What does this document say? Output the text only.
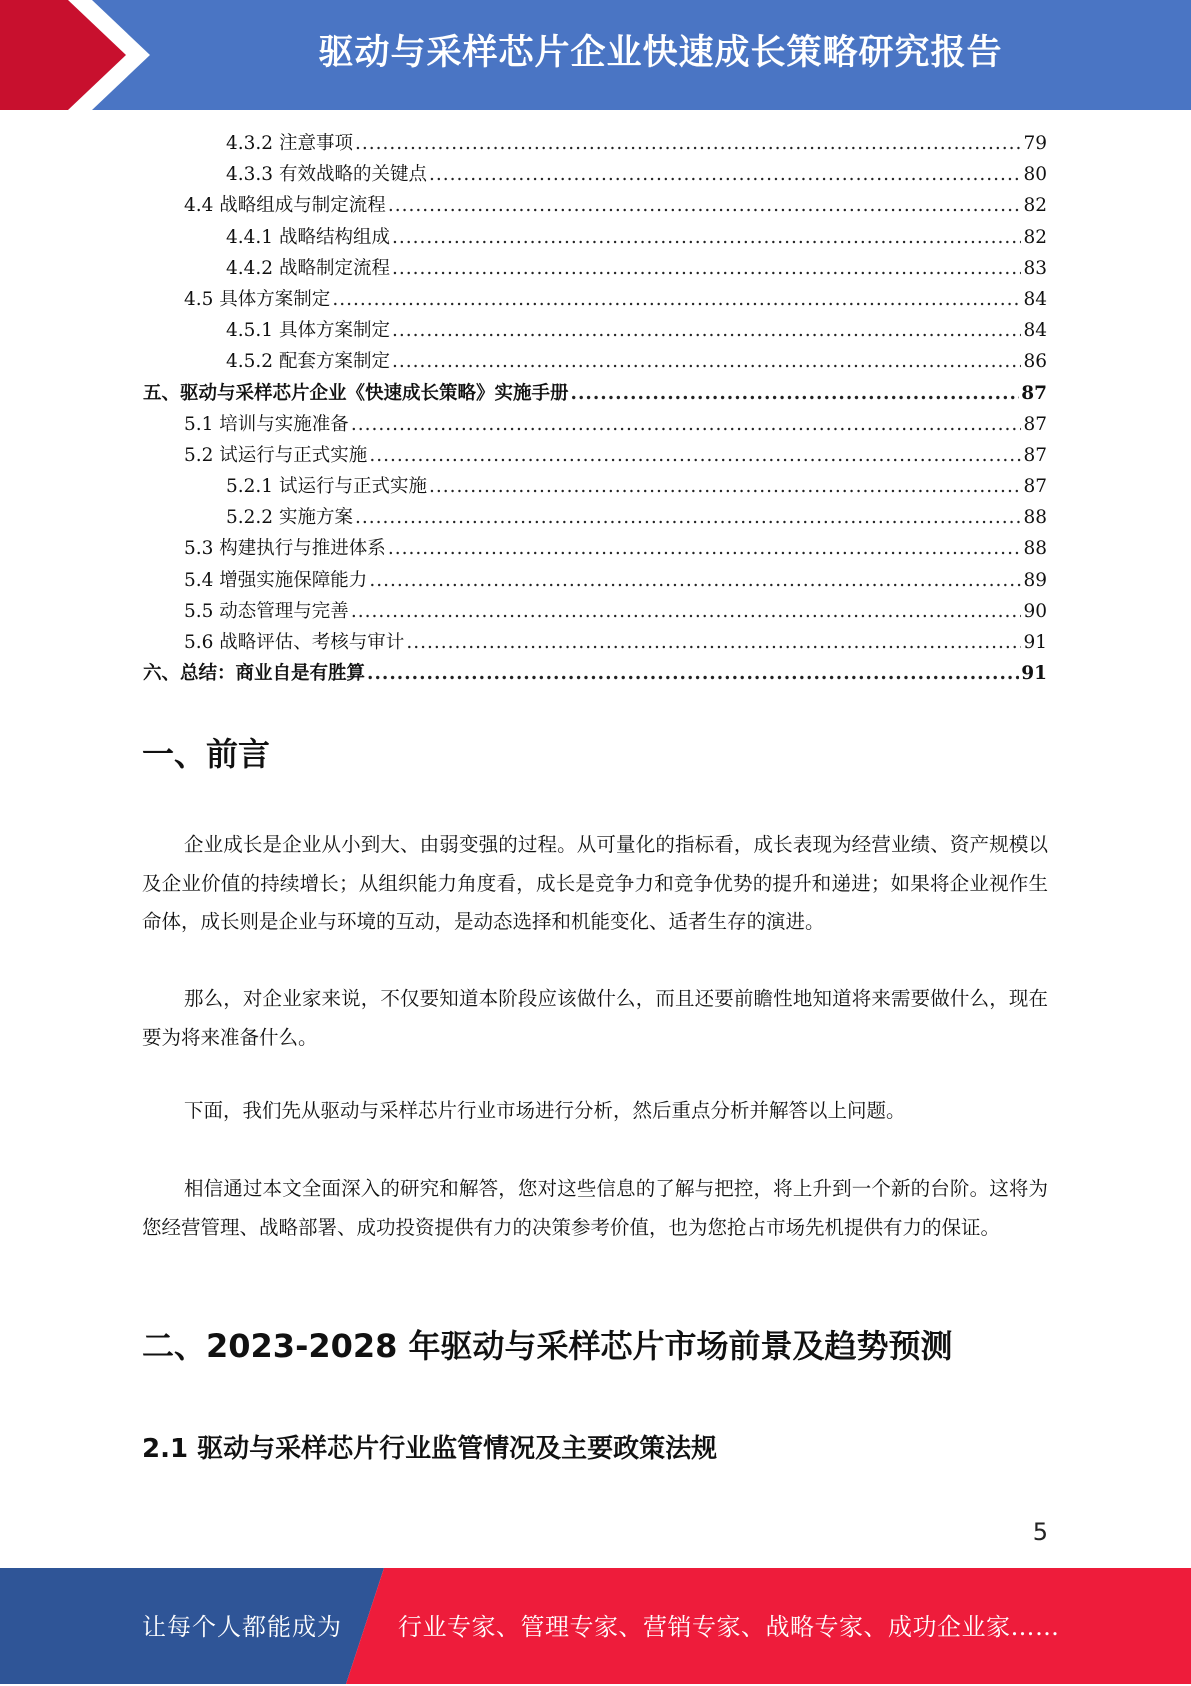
驱动与采样芯片企业快速成长策略研究报告
4.3.2 注意事项 .....	79
4.3.3 有效战略的关键点 .....	80
4.4 战略组成与制定流程 .....	82
4.4.1 战略结构组成 .....	82
4.4.2 战略制定流程 .....	83
4.5 具体方案制定 .....	84
4.5.1 具体方案制定 .....	84
4.5.2 配套方案制定 .....	86
五、驱动与采样芯片企业《快速成长策略》实施手册 .....	87
5.1 培训与实施准备 .....	87
5.2 试运行与正式实施 .....	87
5.2.1 试运行与正式实施 .....	87
5.2.2 实施方案 .....	88
5.3 构建执行与推进体系 .....	88
5.4 增强实施保障能力 .....	89
5.5 动态管理与完善 .....	90
5.6 战略评估、考核与审计 .....	91
六、总结：商业自是有胜算 .....	91
一、前言
企业成长是企业从小到大、由弱变强的过程。从可量化的指标看，成长表现为经营业绩、资产规模以及企业价值的持续增长；从组织能力角度看，成长是竞争力和竞争优势的提升和递进；如果将企业视作生命体，成长则是企业与环境的互动，是动态选择和机能变化、适者生存的演进。
那么，对企业家来说，不仅要知道本阶段应该做什么，而且还要前瞻性地知道将来需要做什么，现在要为将来准备什么。
下面，我们先从驱动与采样芯片行业市场进行分析，然后重点分析并解答以上问题。
相信通过本文全面深入的研究和解答，您对这些信息的了解与把控，将上升到一个新的台阶。这将为您经营管理、战略部署、成功投资提供有力的决策参考价值，也为您抢占市场先机提供有力的保证。
二、2023-2028 年驱动与采样芯片市场前景及趋势预测
2.1 驱动与采样芯片行业监管情况及主要政策法规
5
让每个人都能成为 行业专家、管理专家、营销专家、战略专家、成功企业家……
